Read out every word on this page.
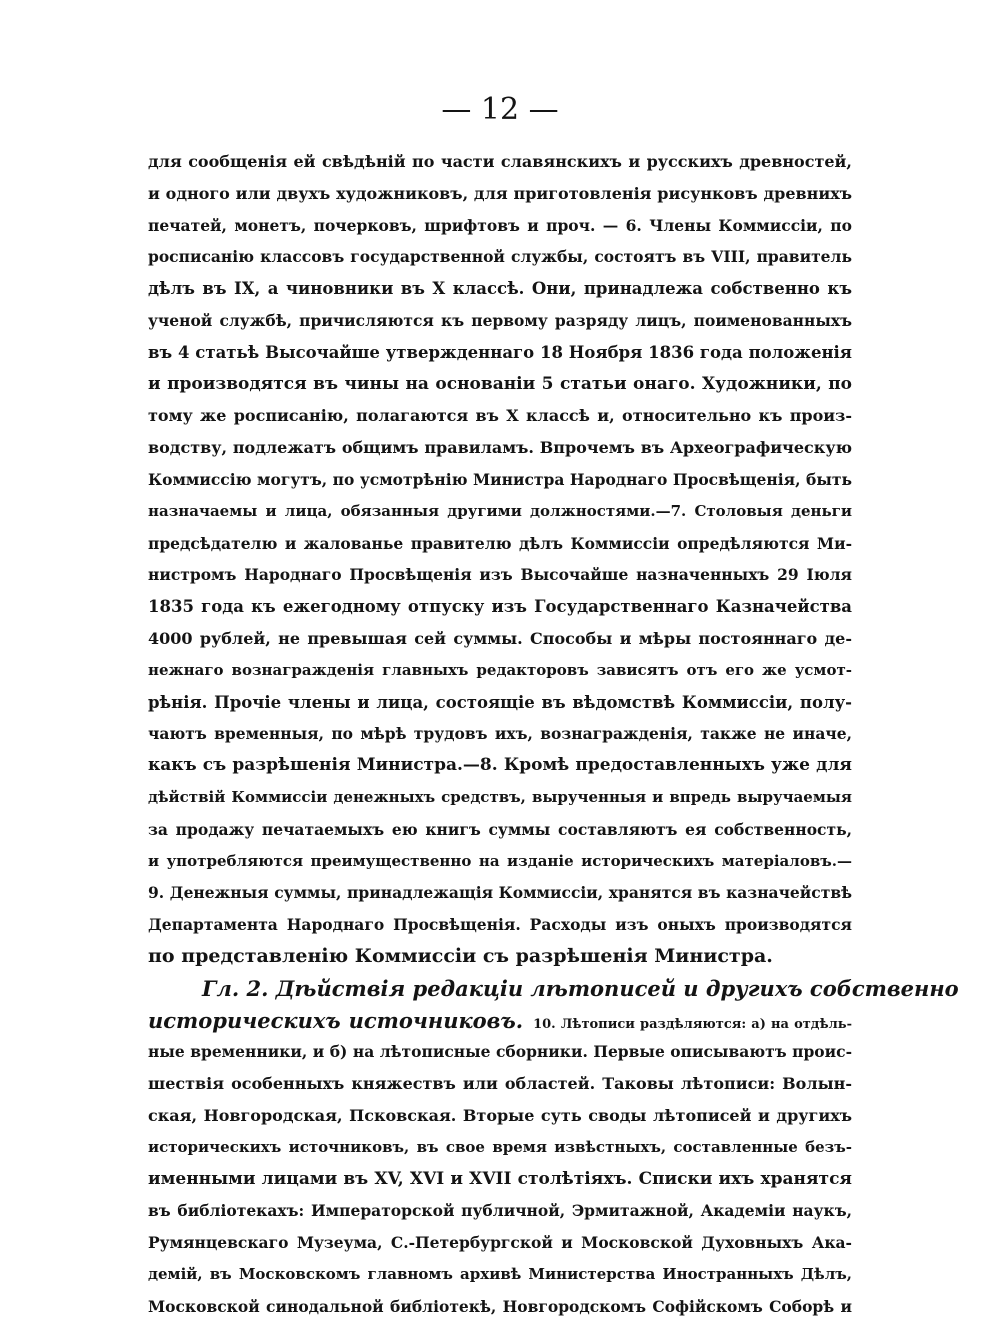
— 12 —
для сообщенія ей свѣдѣній по части славянскихъ и русскихъ древностей,
и одного или двухъ художниковъ, для приготовленія рисунковъ древнихъ
печатей, монетъ, почерковъ, шрифтовъ и проч. — 6. Члены Коммиссіи, по
росписанію классовъ государственной службы, состоятъ въ VIII, правитель
дѣлъ въ IX, а чиновники въ X классѣ. Они, принадлежа собственно къ
ученой службѣ, причисляются къ первому разряду лицъ, поименованныхъ
въ 4 статьѣ Высочайше утвержденнаго 18 Ноября 1836 года положенія
и производятся въ чины на основаніи 5 статьи онаго. Художники, по
тому же росписанію, полагаются въ X классѣ и, относительно къ произ-
водству, подлежатъ общимъ правиламъ. Впрочемъ въ Археографическую
Коммиссію могутъ, по усмотрѣнію Министра Народнаго Просвѣщенія, быть
назначаемы и лица, обязанныя другими должностями.—7. Столовыя деньги
предсѣдателю и жалованье правителю дѣлъ Коммиссіи опредѣляются Ми-
нистромъ Народнаго Просвѣщенія изъ Высочайше назначенныхъ 29 Іюля
1835 года къ ежегодному отпуску изъ Государственнаго Казначейства
4000 рублей, не превышая сей суммы. Способы и мѣры постояннаго де-
нежнаго вознагражденія главныхъ редакторовъ зависятъ отъ его же усмот-
рѣнія. Прочіе члены и лица, состоящіе въ вѣдомствѣ Коммиссіи, полу-
чаютъ временныя, по мѣрѣ трудовъ ихъ, вознагражденія, также не иначе,
какъ съ разрѣшенія Министра.—8. Кромѣ предоставленныхъ уже для
дѣйствій Коммиссіи денежныхъ средствъ, вырученныя и впредь выручаемыя
за продажу печатаемыхъ ею книгъ суммы составляютъ ея собственность,
и употребляются преимущественно на изданіе историческихъ матеріаловъ.—
9. Денежныя суммы, принадлежащія Коммиссіи, хранятся въ казначействѣ
Департамента Народнаго Просвѣщенія. Расходы изъ оныхъ производятся
по представленію Коммиссіи съ разрѣшенія Министра.
Гл. 2. Дѣйствія редакціи лѣтописей и другихъ собственно
историческихъ источниковъ. 10. Лѣтописи раздѣляются: а) на отдѣль-
ные временники, и б) на лѣтописные сборники. Первые описываютъ проис-
шествія особенныхъ княжествъ или областей. Таковы лѣтописи: Волын-
ская, Новгородская, Псковская. Вторые суть своды лѣтописей и другихъ
историческихъ источниковъ, въ свое время извѣстныхъ, составленные безъ-
именными лицами въ XV, XVI и XVII столѣтіяхъ. Списки ихъ хранятся
въ библіотекахъ: Императорской публичной, Эрмитажной, Академіи наукъ,
Румянцевскаго Музеума, С.-Петербургской и Московской Духовныхъ Ака-
демій, въ Московскомъ главномъ архивѣ Министерства Иностранныхъ Дѣлъ,
Московской синодальной библіотекѣ, Новгородскомъ Софійскомъ Соборѣ и
